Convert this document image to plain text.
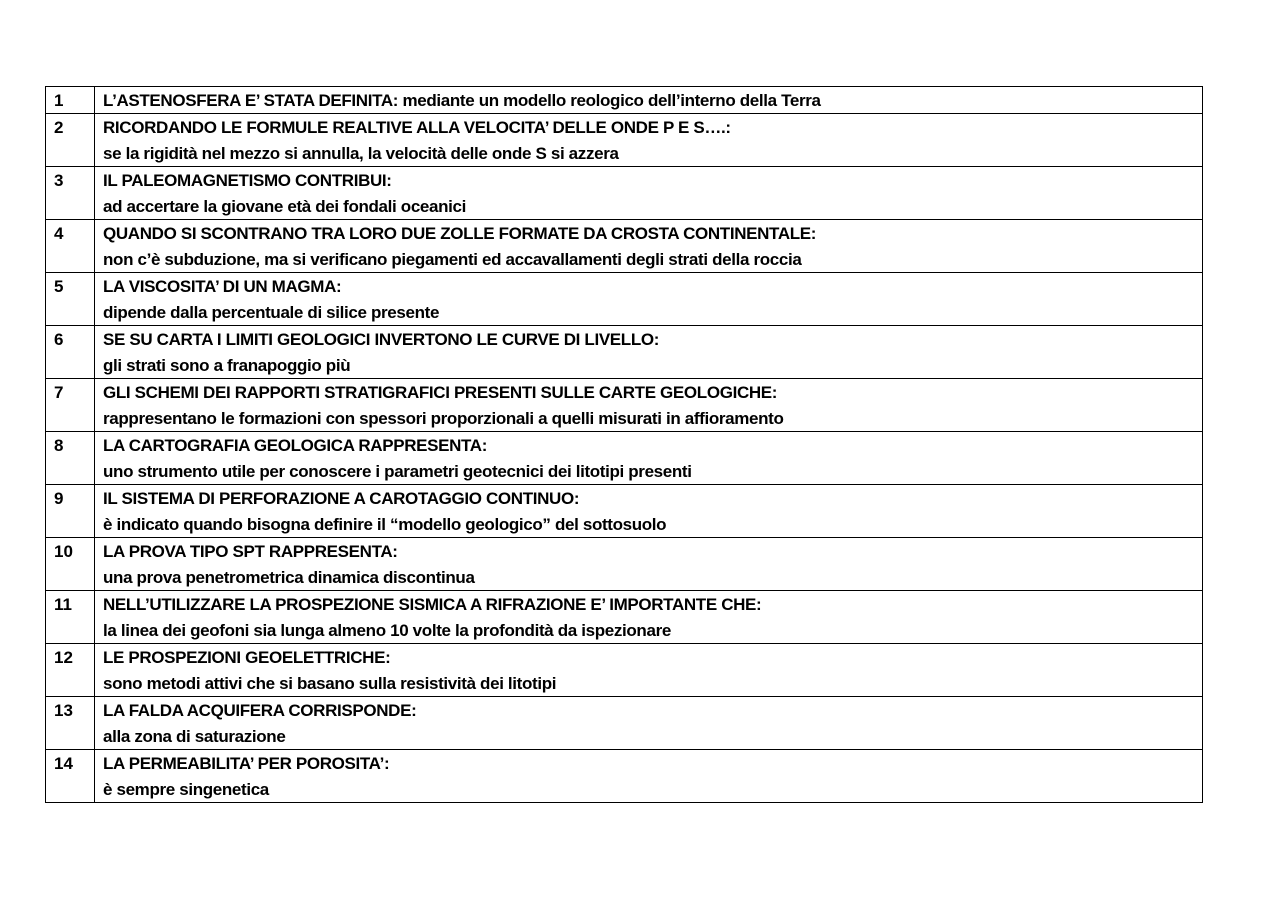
1	L’ASTENOSFERA E’ STATA DEFINITA: mediante un modello reologico dell’interno della Terra

2	RICORDANDO LE FORMULE REALTIVE ALLA VELOCITA’ DELLE ONDE P E S….:
se la rigidità nel mezzo si annulla, la velocità delle onde S si azzera

3	IL PALEOMAGNETISMO CONTRIBUI:
ad accertare la giovane età dei fondali oceanici

4	QUANDO SI SCONTRANO TRA LORO DUE ZOLLE FORMATE DA CROSTA CONTINENTALE:
non c’è subduzione, ma si verificano piegamenti ed accavallamenti degli strati della roccia

5	LA VISCOSITA’ DI UN MAGMA:
dipende dalla percentuale di silice presente

6	SE SU CARTA I LIMITI GEOLOGICI INVERTONO LE CURVE DI LIVELLO:
gli strati sono a franapoggio più

7	GLI SCHEMI DEI RAPPORTI STRATIGRAFICI PRESENTI SULLE CARTE GEOLOGICHE:
rappresentano le formazioni con spessori proporzionali a quelli misurati in affioramento

8	LA CARTOGRAFIA GEOLOGICA RAPPRESENTA:
uno strumento utile per conoscere i parametri geotecnici dei litotipi presenti

9	IL SISTEMA DI PERFORAZIONE A CAROTAGGIO CONTINUO:
è indicato quando bisogna definire il “modello geologico” del sottosuolo

10	LA PROVA TIPO SPT RAPPRESENTA:
una prova penetrometrica dinamica discontinua

11	NELL’UTILIZZARE LA PROSPEZIONE SISMICA A RIFRAZIONE E’ IMPORTANTE CHE:
la linea dei geofoni sia lunga almeno 10 volte la profondità da ispezionare

12	LE PROSPEZIONI GEOELETTRICHE:
sono metodi attivi che si basano sulla resistività dei litotipi

13	LA FALDA ACQUIFERA CORRISPONDE:
alla zona di saturazione

14	LA PERMEABILITA’ PER POROSITA’:
è sempre singenetica
